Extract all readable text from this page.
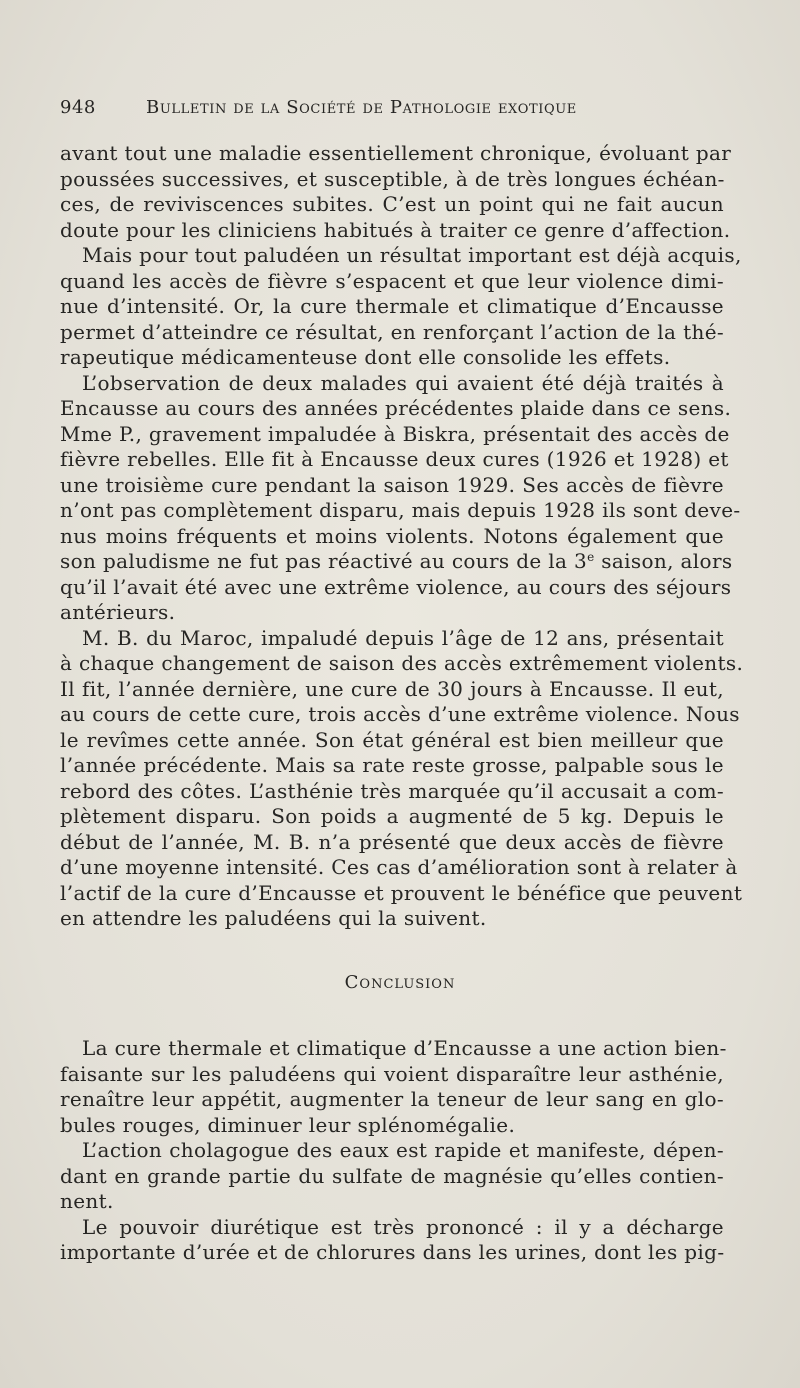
948	Bulletin de la Société de Pathologie exotique
avant tout une maladie essentiellement chronique, évoluant par
poussées successives, et susceptible, à de très longues échéan-
ces, de reviviscences subites. C’est un point qui ne fait aucun
doute pour les cliniciens habitués à traiter ce genre d’affection.
Mais pour tout paludéen un résultat important est déjà acquis,
quand les accès de fièvre s’espacent et que leur violence dimi-
nue d’intensité. Or, la cure thermale et climatique d’Encausse
permet d’atteindre ce résultat, en renforçant l’action de la thé-
rapeutique médicamenteuse dont elle consolide les effets.
L’observation de deux malades qui avaient été déjà traités à
Encausse au cours des années précédentes plaide dans ce sens.
Mme P., gravement impaludée à Biskra, présentait des accès de
fièvre rebelles. Elle fit à Encausse deux cures (1926 et 1928) et
une troisième cure pendant la saison 1929. Ses accès de fièvre
n’ont pas complètement disparu, mais depuis 1928 ils sont deve-
nus moins fréquents et moins violents. Notons également que
son paludisme ne fut pas réactivé au cours de la 3e saison, alors
qu’il l’avait été avec une extrême violence, au cours des séjours
antérieurs.
M. B. du Maroc, impaludé depuis l’âge de 12 ans, présentait
à chaque changement de saison des accès extrêmement violents.
Il fit, l’année dernière, une cure de 30 jours à Encausse. Il eut,
au cours de cette cure, trois accès d’une extrême violence. Nous
le revîmes cette année. Son état général est bien meilleur que
l’année précédente. Mais sa rate reste grosse, palpable sous le
rebord des côtes. L’asthénie très marquée qu’il accusait a com-
plètement disparu. Son poids a augmenté de 5 kg. Depuis le
début de l’année, M. B. n’a présenté que deux accès de fièvre
d’une moyenne intensité. Ces cas d’amélioration sont à relater à
l’actif de la cure d’Encausse et prouvent le bénéfice que peuvent
en attendre les paludéens qui la suivent.
Conclusion
La cure thermale et climatique d’Encausse a une action bien-
faisante sur les paludéens qui voient disparaître leur asthénie,
renaître leur appétit, augmenter la teneur de leur sang en glo-
bules rouges, diminuer leur splénomégalie.
L’action cholagogue des eaux est rapide et manifeste, dépen-
dant en grande partie du sulfate de magnésie qu’elles contien-
nent.
Le pouvoir diurétique est très prononcé : il y a décharge
importante d’urée et de chlorures dans les urines, dont les pig-
